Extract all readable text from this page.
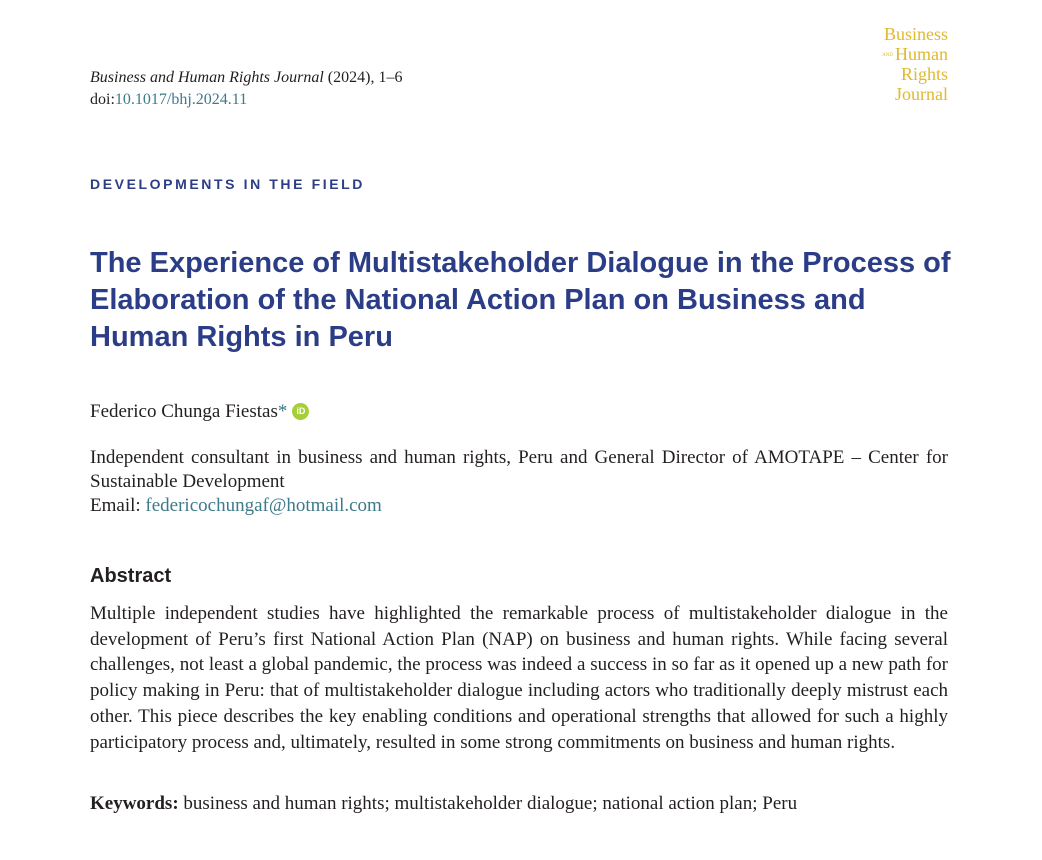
Business and Human Rights Journal (2024), 1–6
doi:10.1017/bhj.2024.11
Business
AND Human
Rights
Journal
DEVELOPMENTS IN THE FIELD
The Experience of Multistakeholder Dialogue in the Process of Elaboration of the National Action Plan on Business and Human Rights in Peru
Federico Chunga Fiestas* iD
Independent consultant in business and human rights, Peru and General Director of AMOTAPE – Center for Sustainable Development
Email: federicochungaf@hotmail.com
Abstract

Multiple independent studies have highlighted the remarkable process of multistakeholder dialogue in the development of Peru’s first National Action Plan (NAP) on business and human rights. While facing several challenges, not least a global pandemic, the process was indeed a success in so far as it opened up a new path for policy making in Peru: that of multistakeholder dialogue including actors who traditionally deeply mistrust each other. This piece describes the key enabling conditions and operational strengths that allowed for such a highly participatory process and, ultimately, resulted in some strong commitments on business and human rights.

Keywords: business and human rights; multistakeholder dialogue; national action plan; Peru
